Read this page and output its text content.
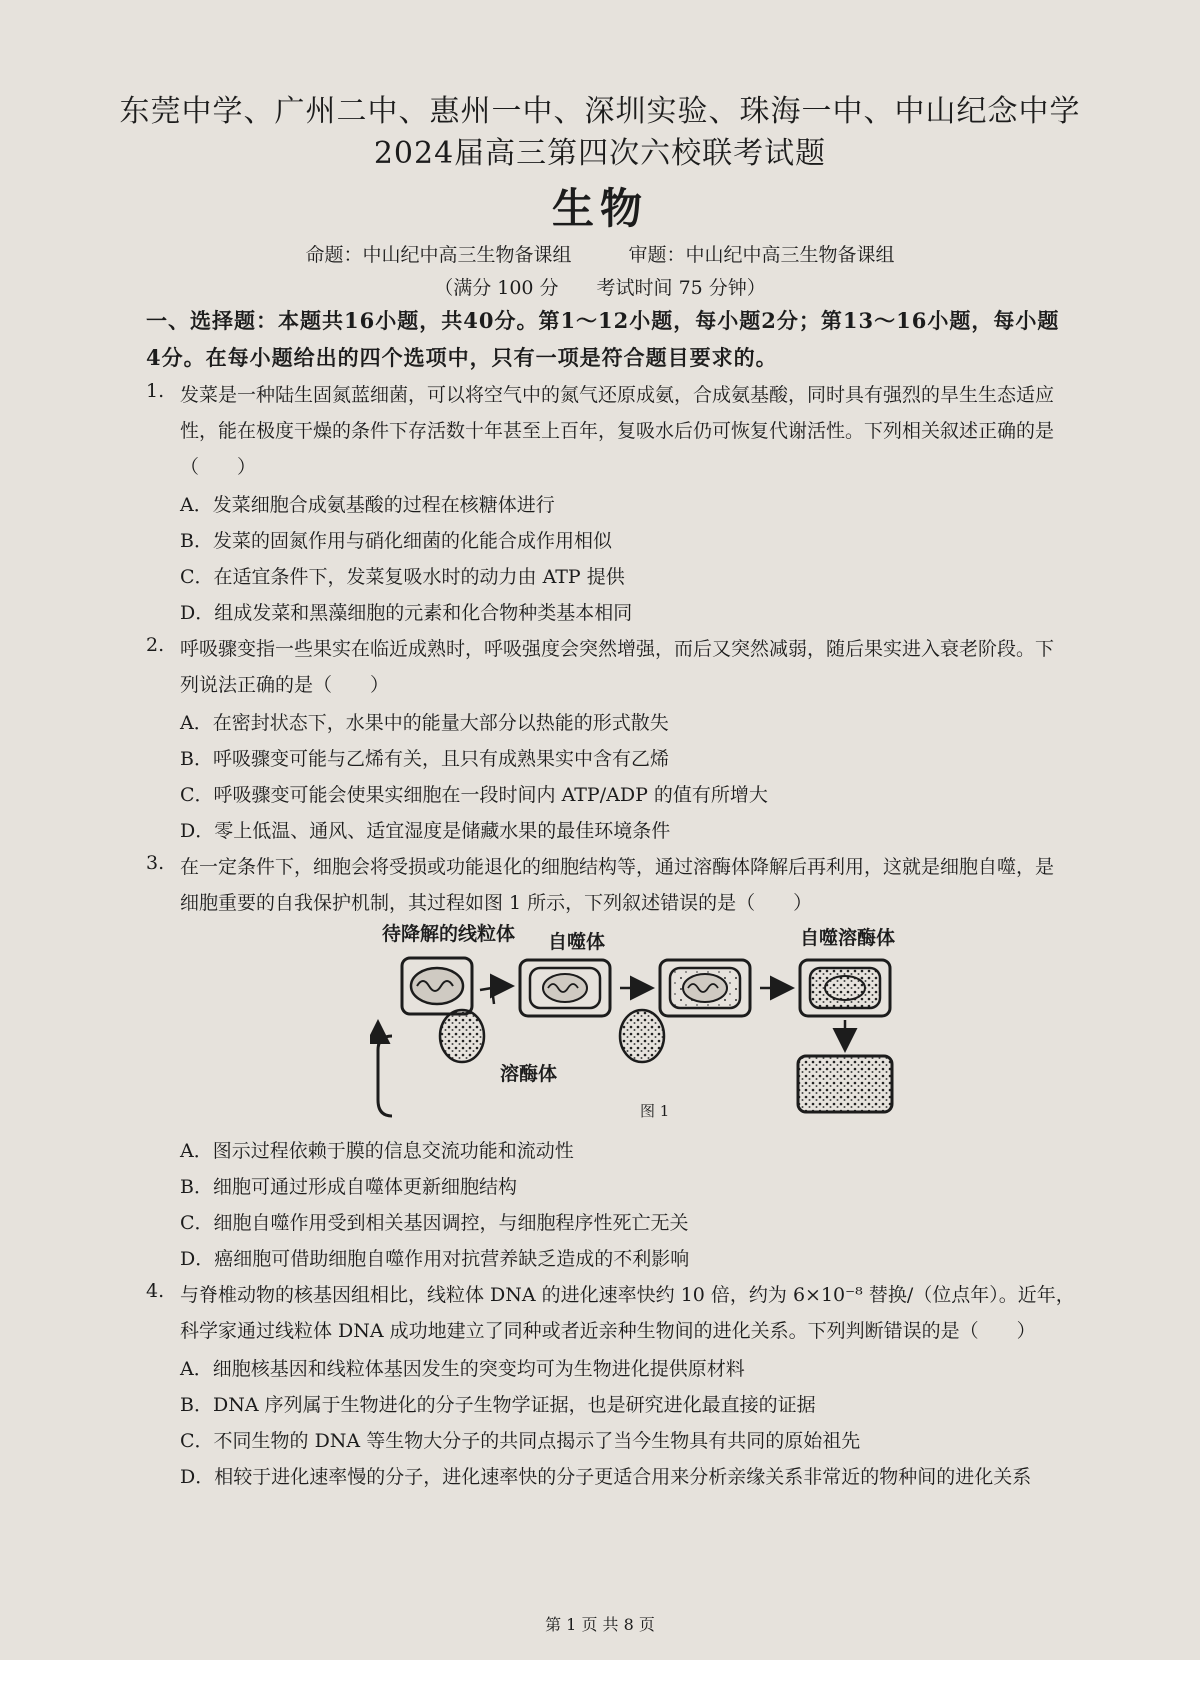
东莞中学、广州二中、惠州一中、深圳实验、珠海一中、中山纪念中学
2024届高三第四次六校联考试题
生物
命题：中山纪中高三生物备课组　　　审题：中山纪中高三生物备课组
（满分 100 分　　考试时间 75 分钟）
一、选择题：本题共16小题，共40分。第1～12小题，每小题2分；第13～16小题，每小题
4分。在每小题给出的四个选项中，只有一项是符合题目要求的。
1. 发菜是一种陆生固氮蓝细菌，可以将空气中的氮气还原成氨，合成氨基酸，同时具有强烈的旱生生态适应
性，能在极度干燥的条件下存活数十年甚至上百年，复吸水后仍可恢复代谢活性。下列相关叙述正确的是
（　　）
A．发菜细胞合成氨基酸的过程在核糖体进行
B．发菜的固氮作用与硝化细菌的化能合成作用相似
C．在适宜条件下，发菜复吸水时的动力由 ATP 提供
D．组成发菜和黑藻细胞的元素和化合物种类基本相同
2. 呼吸骤变指一些果实在临近成熟时，呼吸强度会突然增强，而后又突然减弱，随后果实进入衰老阶段。下
列说法正确的是（　　）
A．在密封状态下，水果中的能量大部分以热能的形式散失
B．呼吸骤变可能与乙烯有关，且只有成熟果实中含有乙烯
C．呼吸骤变可能会使果实细胞在一段时间内 ATP/ADP 的值有所增大
D．零上低温、通风、适宜湿度是储藏水果的最佳环境条件
3. 在一定条件下，细胞会将受损或功能退化的细胞结构等，通过溶酶体降解后再利用，这就是细胞自噬，是
细胞重要的自我保护机制，其过程如图 1 所示，下列叙述错误的是（　　）
待降解的线粒体 自噬体	自噬溶酶体
溶酶体
图 1
A．图示过程依赖于膜的信息交流功能和流动性
B．细胞可通过形成自噬体更新细胞结构
C．细胞自噬作用受到相关基因调控，与细胞程序性死亡无关
D．癌细胞可借助细胞自噬作用对抗营养缺乏造成的不利影响
4. 与脊椎动物的核基因组相比，线粒体 DNA 的进化速率快约 10 倍，约为 6×10⁻⁸ 替换/（位点年）。近年，
科学家通过线粒体 DNA 成功地建立了同种或者近亲种生物间的进化关系。下列判断错误的是（　　）
A．细胞核基因和线粒体基因发生的突变均可为生物进化提供原材料
B．DNA 序列属于生物进化的分子生物学证据，也是研究进化最直接的证据
C．不同生物的 DNA 等生物大分子的共同点揭示了当今生物具有共同的原始祖先
D．相较于进化速率慢的分子，进化速率快的分子更适合用来分析亲缘关系非常近的物种间的进化关系
第 1 页 共 8 页
